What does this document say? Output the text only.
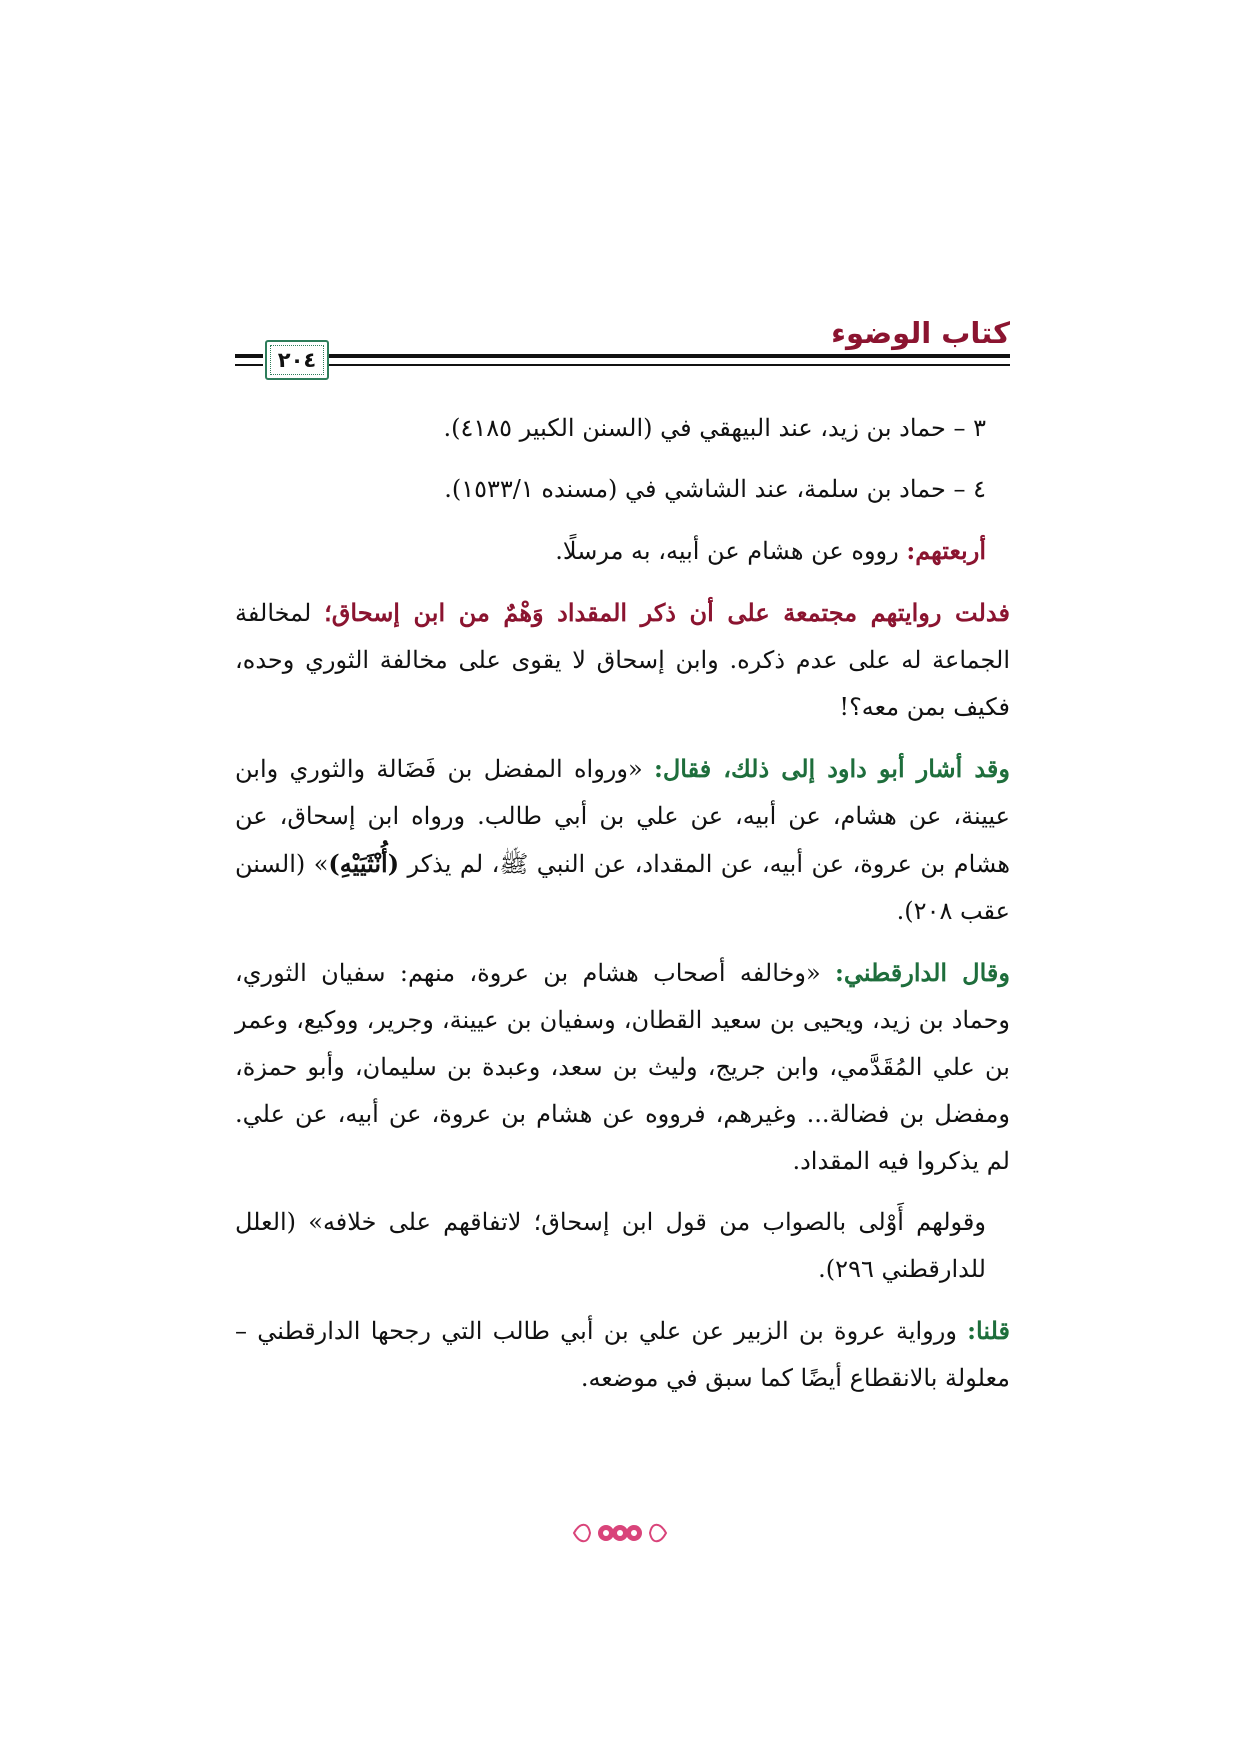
كتاب الوضوء
٢٠٤

٣ – حماد بن زيد، عند البيهقي في (السنن الكبير ٤١٨٥).

٤ – حماد بن سلمة، عند الشاشي في (مسنده ١٥٣٣/١).

أربعتهم: رووه عن هشام عن أبيه، به مرسلًا.

فدلت روايتهم مجتمعة على أن ذكر المقداد وَهْمٌ من ابن إسحاق؛ لمخالفة الجماعة له على عدم ذكره. وابن إسحاق لا يقوى على مخالفة الثوري وحده، فكيف بمن معه؟!

وقد أشار أبو داود إلى ذلك، فقال: «ورواه المفضل بن فَضَالة والثوري وابن عيينة، عن هشام، عن أبيه، عن علي بن أبي طالب. ورواه ابن إسحاق، عن هشام بن عروة، عن أبيه، عن المقداد، عن النبي ﷺ، لم يذكر (أُنْثَيَيْهِ)» (السنن عقب ٢٠٨).

وقال الدارقطني: «وخالفه أصحاب هشام بن عروة، منهم: سفيان الثوري، وحماد بن زيد، ويحيى بن سعيد القطان، وسفيان بن عيينة، وجرير، ووكيع، وعمر بن علي المُقَدَّمي، وابن جريج، وليث بن سعد، وعبدة بن سليمان، وأبو حمزة، ومفضل بن فضالة... وغيرهم، فرووه عن هشام بن عروة، عن أبيه، عن علي. لم يذكروا فيه المقداد.

وقولهم أَوْلى بالصواب من قول ابن إسحاق؛ لاتفاقهم على خلافه» (العلل للدارقطني ٢٩٦).

قلنا: ورواية عروة بن الزبير عن علي بن أبي طالب التي رجحها الدارقطني – معلولة بالانقطاع أيضًا كما سبق في موضعه.
